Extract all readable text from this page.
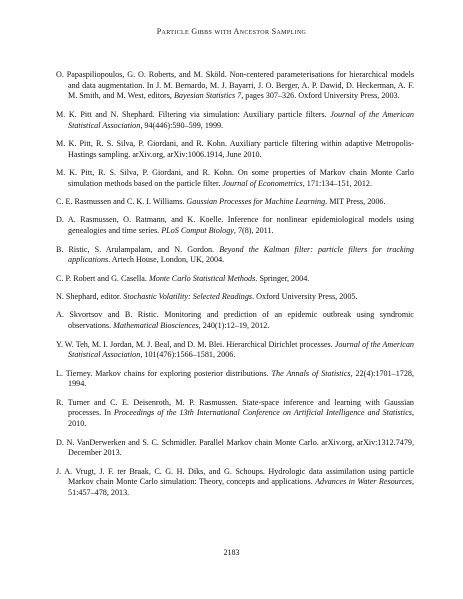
Particle Gibbs with Ancestor Sampling

O. Papaspiliopoulos, G. O. Roberts, and M. Sköld. Non-centered parameterisations for hierarchical models and data augmentation. In J. M. Bernardo, M. J. Bayarri, J. O. Berger, A. P. Dawid, D. Heckerman, A. F. M. Smith, and M. West, editors, Bayesian Statistics 7, pages 307–326. Oxford University Press, 2003.

M. K. Pitt and N. Shephard. Filtering via simulation: Auxiliary particle filters. Journal of the American Statistical Association, 94(446):590–599, 1999.

M. K. Pitt, R. S. Silva, P. Giordani, and R. Kohn. Auxiliary particle filtering within adaptive Metropolis-Hastings sampling. arXiv.org, arXiv:1006.1914, June 2010.

M. K. Pitt, R. S. Silva, P. Giordani, and R. Kohn. On some properties of Markov chain Monte Carlo simulation methods based on the particle filter. Journal of Econometrics, 171:134–151, 2012.

C. E. Rasmussen and C. K. I. Williams. Gaussian Processes for Machine Learning. MIT Press, 2006.

D. A. Rasmussen, O. Ratmann, and K. Koelle. Inference for nonlinear epidemiological models using genealogies and time series. PLoS Comput Biology, 7(8), 2011.

B. Ristic, S. Arulampalam, and N. Gordon. Beyond the Kalman filter: particle filters for tracking applications. Artech House, London, UK, 2004.

C. P. Robert and G. Casella. Monte Carlo Statistical Methods. Springer, 2004.

N. Shephard, editor. Stochastic Volatility: Selected Readings. Oxford University Press, 2005.

A. Skvortsov and B. Ristic. Monitoring and prediction of an epidemic outbreak using syndromic observations. Mathematical Biosciences, 240(1):12–19, 2012.

Y. W. Teh, M. I. Jordan, M. J. Beal, and D. M. Blei. Hierarchical Dirichlet processes. Journal of the American Statistical Association, 101(476):1566–1581, 2006.

L. Tierney. Markov chains for exploring posterior distributions. The Annals of Statistics, 22(4):1701–1728, 1994.

R. Turner and C. E. Deisenroth, M. P. Rasmussen. State-space inference and learning with Gaussian processes. In Proceedings of the 13th International Conference on Artificial Intelligence and Statistics, 2010.

D. N. VanDerwerken and S. C. Schmidler. Parallel Markov chain Monte Carlo. arXiv.org, arXiv:1312.7479, December 2013.

J. A. Vrugt, J. F. ter Braak, C. G. H. Diks, and G. Schoups. Hydrologic data assimilation using particle Markov chain Monte Carlo simulation: Theory, concepts and applications. Advances in Water Resources, 51:457–478, 2013.

2183
